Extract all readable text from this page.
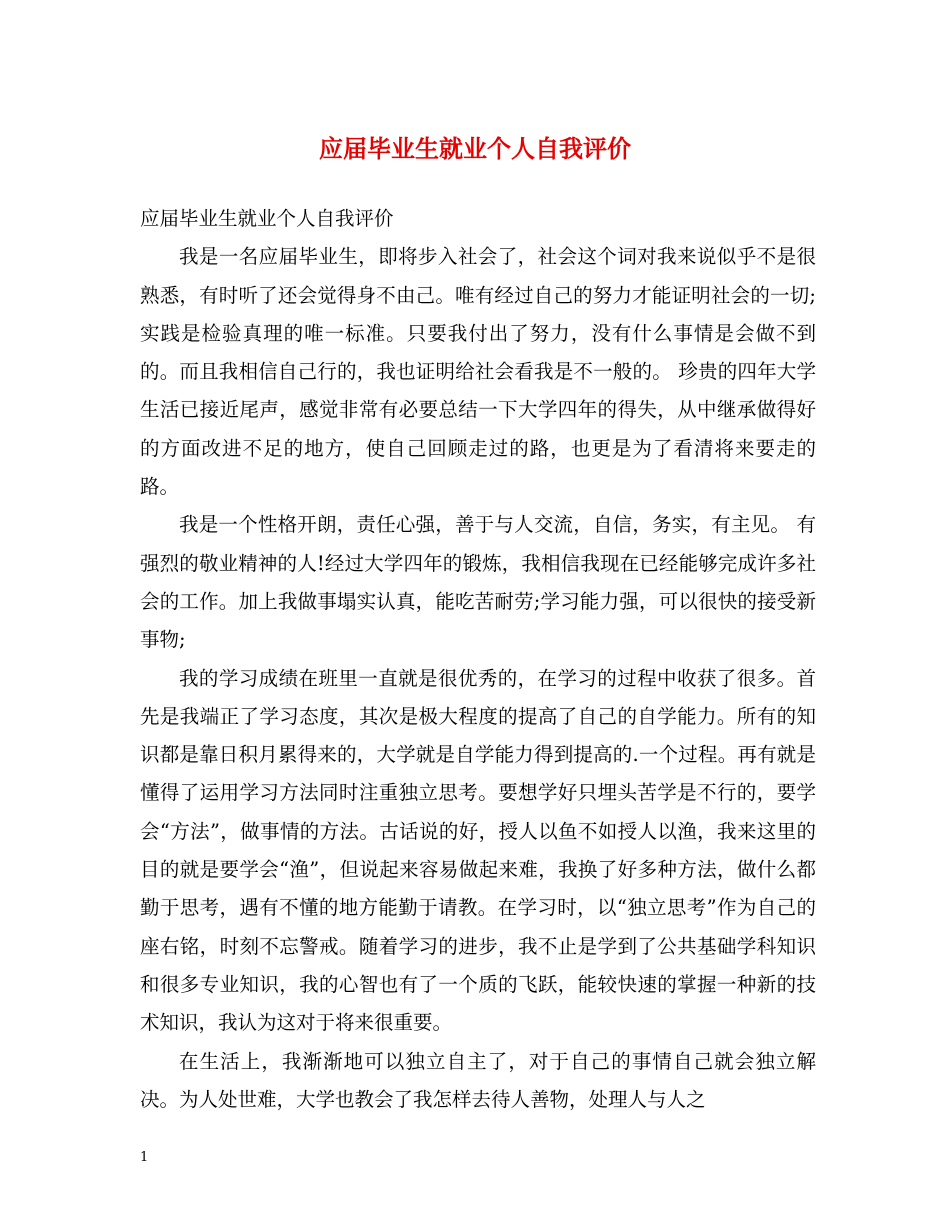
应届毕业生就业个人自我评价

应届毕业生就业个人自我评价

我是一名应届毕业生，即将步入社会了，社会这个词对我来说似乎不是很熟悉，有时听了还会觉得身不由己。唯有经过自己的努力才能证明社会的一切;实践是检验真理的唯一标准。只要我付出了努力，没有什么事情是会做不到的。而且我相信自己行的，我也证明给社会看我是不一般的。 珍贵的四年大学生活已接近尾声，感觉非常有必要总结一下大学四年的得失，从中继承做得好的方面改进不足的地方，使自己回顾走过的路，也更是为了看清将来要走的路。

我是一个性格开朗，责任心强，善于与人交流，自信，务实，有主见。 有强烈的敬业精神的人!经过大学四年的锻炼，我相信我现在已经能够完成许多社会的工作。加上我做事塌实认真，能吃苦耐劳;学习能力强，可以很快的接受新事物;

我的学习成绩在班里一直就是很优秀的，在学习的过程中收获了很多。首先是我端正了学习态度，其次是极大程度的提高了自己的自学能力。所有的知识都是靠日积月累得来的，大学就是自学能力得到提高的.一个过程。再有就是懂得了运用学习方法同时注重独立思考。要想学好只埋头苦学是不行的，要学会“方法”，做事情的方法。古话说的好，授人以鱼不如授人以渔，我来这里的目的就是要学会“渔”，但说起来容易做起来难，我换了好多种方法，做什么都勤于思考，遇有不懂的地方能勤于请教。在学习时，以“独立思考”作为自己的座右铭，时刻不忘警戒。随着学习的进步，我不止是学到了公共基础学科知识和很多专业知识，我的心智也有了一个质的飞跃，能较快速的掌握一种新的技术知识，我认为这对于将来很重要。

在生活上，我渐渐地可以独立自主了，对于自己的事情自己就会独立解决。为人处世难，大学也教会了我怎样去待人善物，处理人与人之

1
